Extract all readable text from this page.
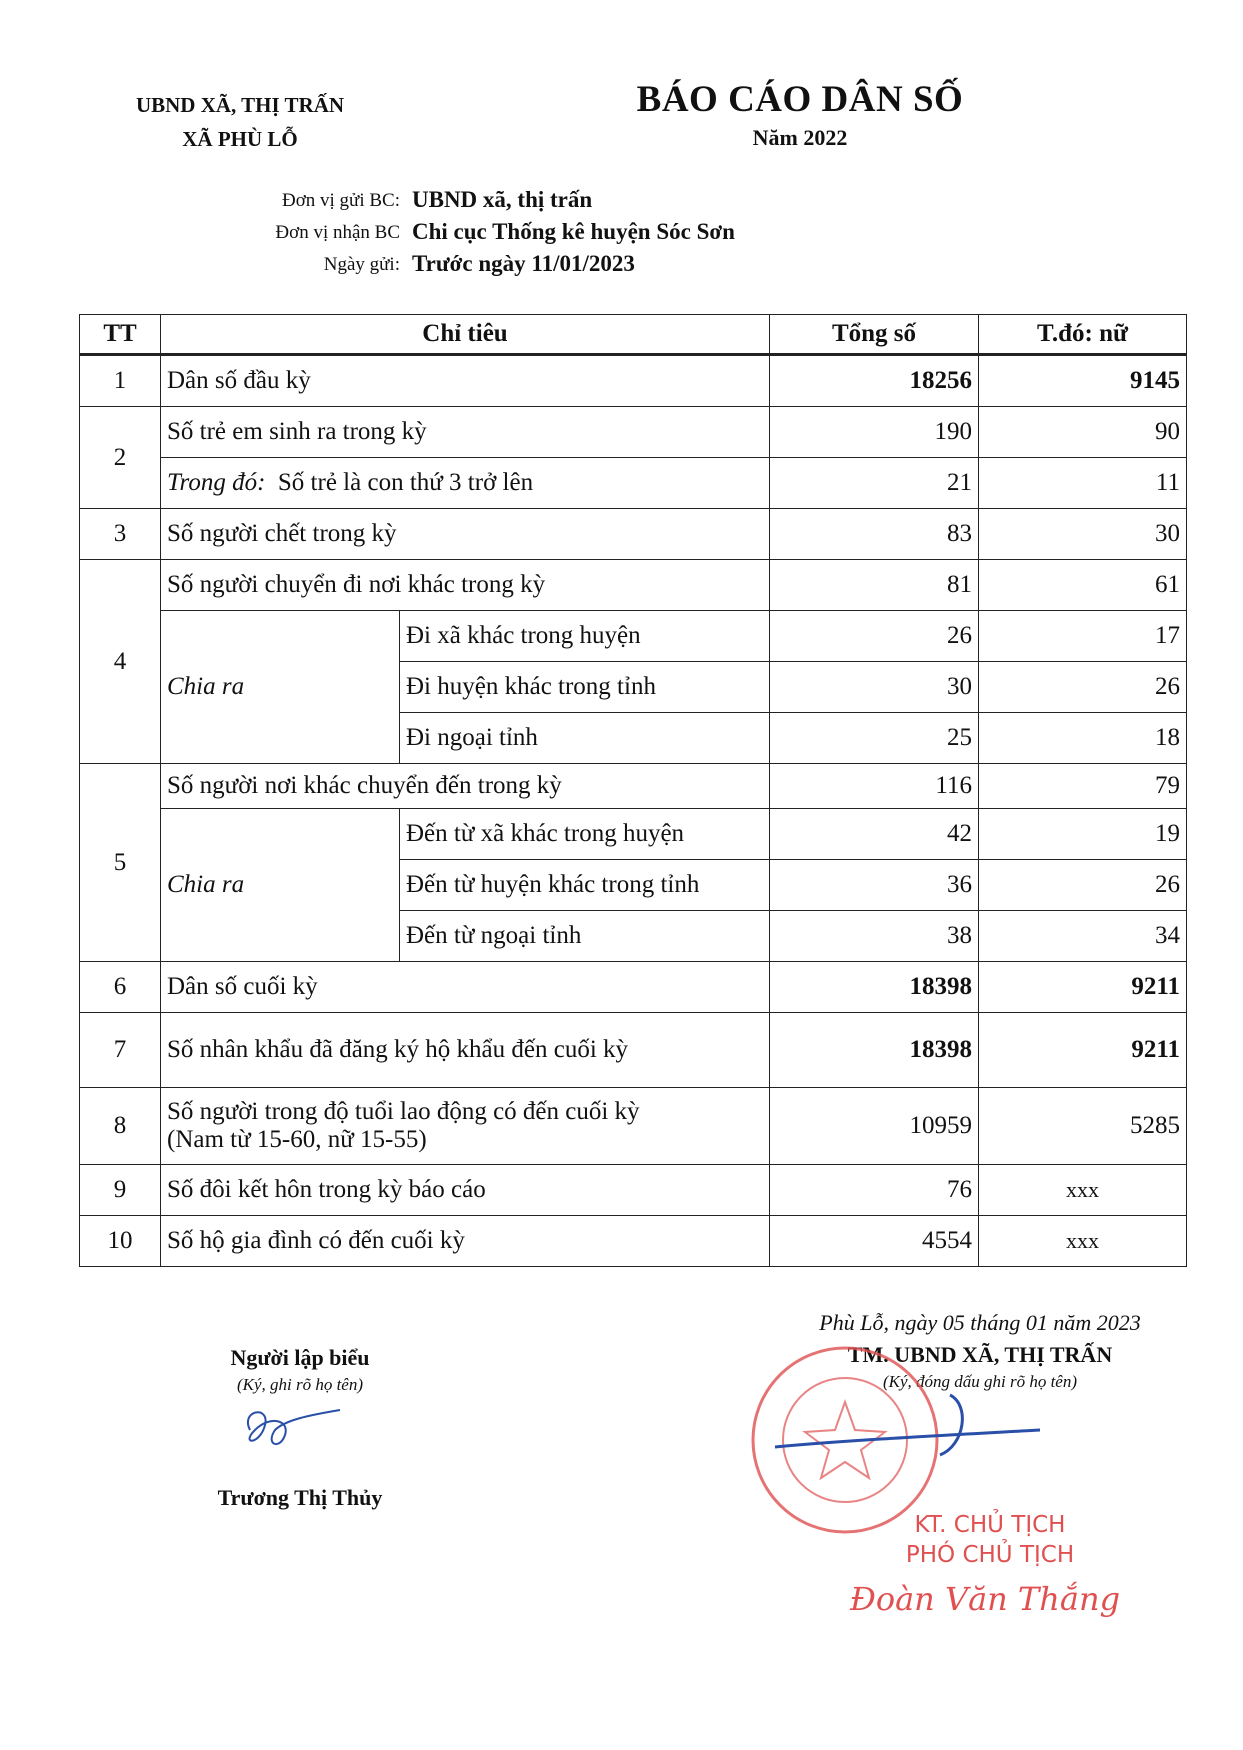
UBND XÃ, THỊ TRẤN
XÃ PHÙ LỖ
BÁO CÁO DÂN SỐ
Năm 2022
Đơn vị gửi BC: UBND xã, thị trấn
Đơn vị nhận BC Chi cục Thống kê huyện Sóc Sơn
Ngày gửi: Trước ngày 11/01/2023
TT	Chỉ tiêu		Tổng số	T.đó: nữ
1	Dân số đầu kỳ		18256	9145
2	Số trẻ em sinh ra trong kỳ		190	90
	Trong đó: Số trẻ là con thứ 3 trở lên		21	11
3	Số người chết trong kỳ		83	30
4	Số người chuyển đi nơi khác trong kỳ		81	61
	Chia ra	Đi xã khác trong huyện	26	17
		Đi huyện khác trong tỉnh	30	26
		Đi ngoại tỉnh	25	18
5	Số người nơi khác chuyển đến trong kỳ		116	79
	Chia ra	Đến từ xã khác trong huyện	42	19
		Đến từ huyện khác trong tỉnh	36	26
		Đến từ ngoại tỉnh	38	34
6	Dân số cuối kỳ		18398	9211
7	Số nhân khẩu đã đăng ký hộ khẩu đến cuối kỳ		18398	9211
8	Số người trong độ tuổi lao động có đến cuối kỳ
(Nam từ 15-60, nữ 15-55)		10959	5285
9	Số đôi kết hôn trong kỳ báo cáo		76	xxx
10	Số hộ gia đình có đến cuối kỳ		4554	xxx
Người lập biểu
(Ký, ghi rõ họ tên)
Trương Thị Thủy
Phù Lỗ, ngày 05 tháng 01 năm 2023
TM. UBND XÃ, THỊ TRẤN
(Ký, đóng dấu ghi rõ họ tên)
KT. CHỦ TỊCH
PHÓ CHỦ TỊCH
Đoàn Văn Thắng
